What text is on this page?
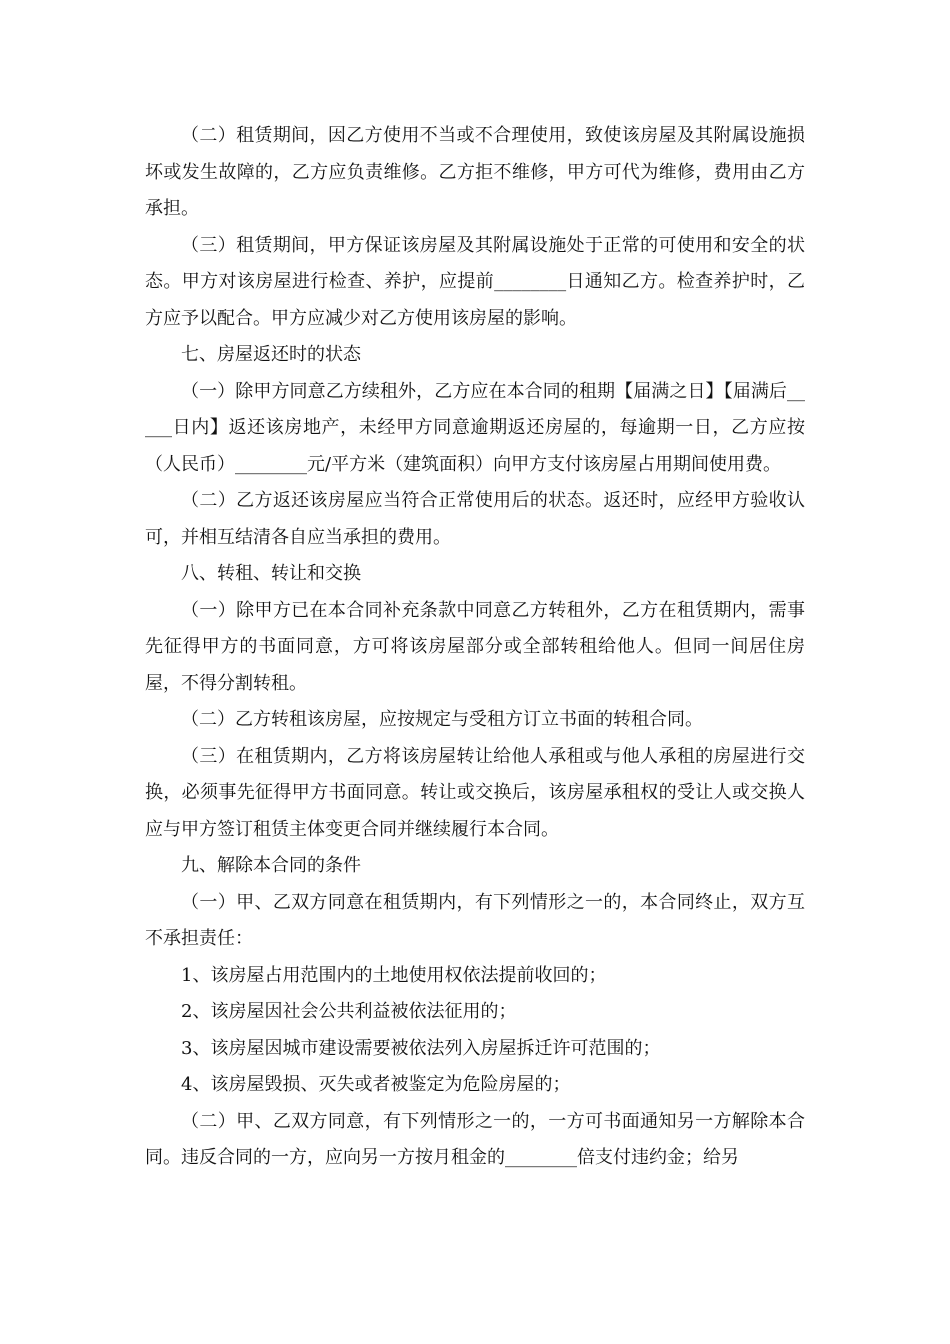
（二）租赁期间，因乙方使用不当或不合理使用，致使该房屋及其附属设施损坏或发生故障的，乙方应负责维修。乙方拒不维修，甲方可代为维修，费用由乙方承担。

（三）租赁期间，甲方保证该房屋及其附属设施处于正常的可使用和安全的状态。甲方对该房屋进行检查、养护，应提前________日通知乙方。检查养护时，乙方应予以配合。甲方应减少对乙方使用该房屋的影响。

七、房屋返还时的状态

（一）除甲方同意乙方续租外，乙方应在本合同的租期【届满之日】【届满后_____日内】返还该房地产，未经甲方同意逾期返还房屋的，每逾期一日，乙方应按（人民币）________元/平方米（建筑面积）向甲方支付该房屋占用期间使用费。

（二）乙方返还该房屋应当符合正常使用后的状态。返还时，应经甲方验收认可，并相互结清各自应当承担的费用。

八、转租、转让和交换

（一）除甲方已在本合同补充条款中同意乙方转租外，乙方在租赁期内，需事先征得甲方的书面同意，方可将该房屋部分或全部转租给他人。但同一间居住房屋，不得分割转租。

（二）乙方转租该房屋，应按规定与受租方订立书面的转租合同。

（三）在租赁期内，乙方将该房屋转让给他人承租或与他人承租的房屋进行交换，必须事先征得甲方书面同意。转让或交换后，该房屋承租权的受让人或交换人应与甲方签订租赁主体变更合同并继续履行本合同。

九、解除本合同的条件

（一）甲、乙双方同意在租赁期内，有下列情形之一的，本合同终止，双方互不承担责任：

1、该房屋占用范围内的土地使用权依法提前收回的；

2、该房屋因社会公共利益被依法征用的；

3、该房屋因城市建设需要被依法列入房屋拆迁许可范围的；

4、该房屋毁损、灭失或者被鉴定为危险房屋的；

（二）甲、乙双方同意，有下列情形之一的，一方可书面通知另一方解除本合同。违反合同的一方，应向另一方按月租金的________倍支付违约金；给另
